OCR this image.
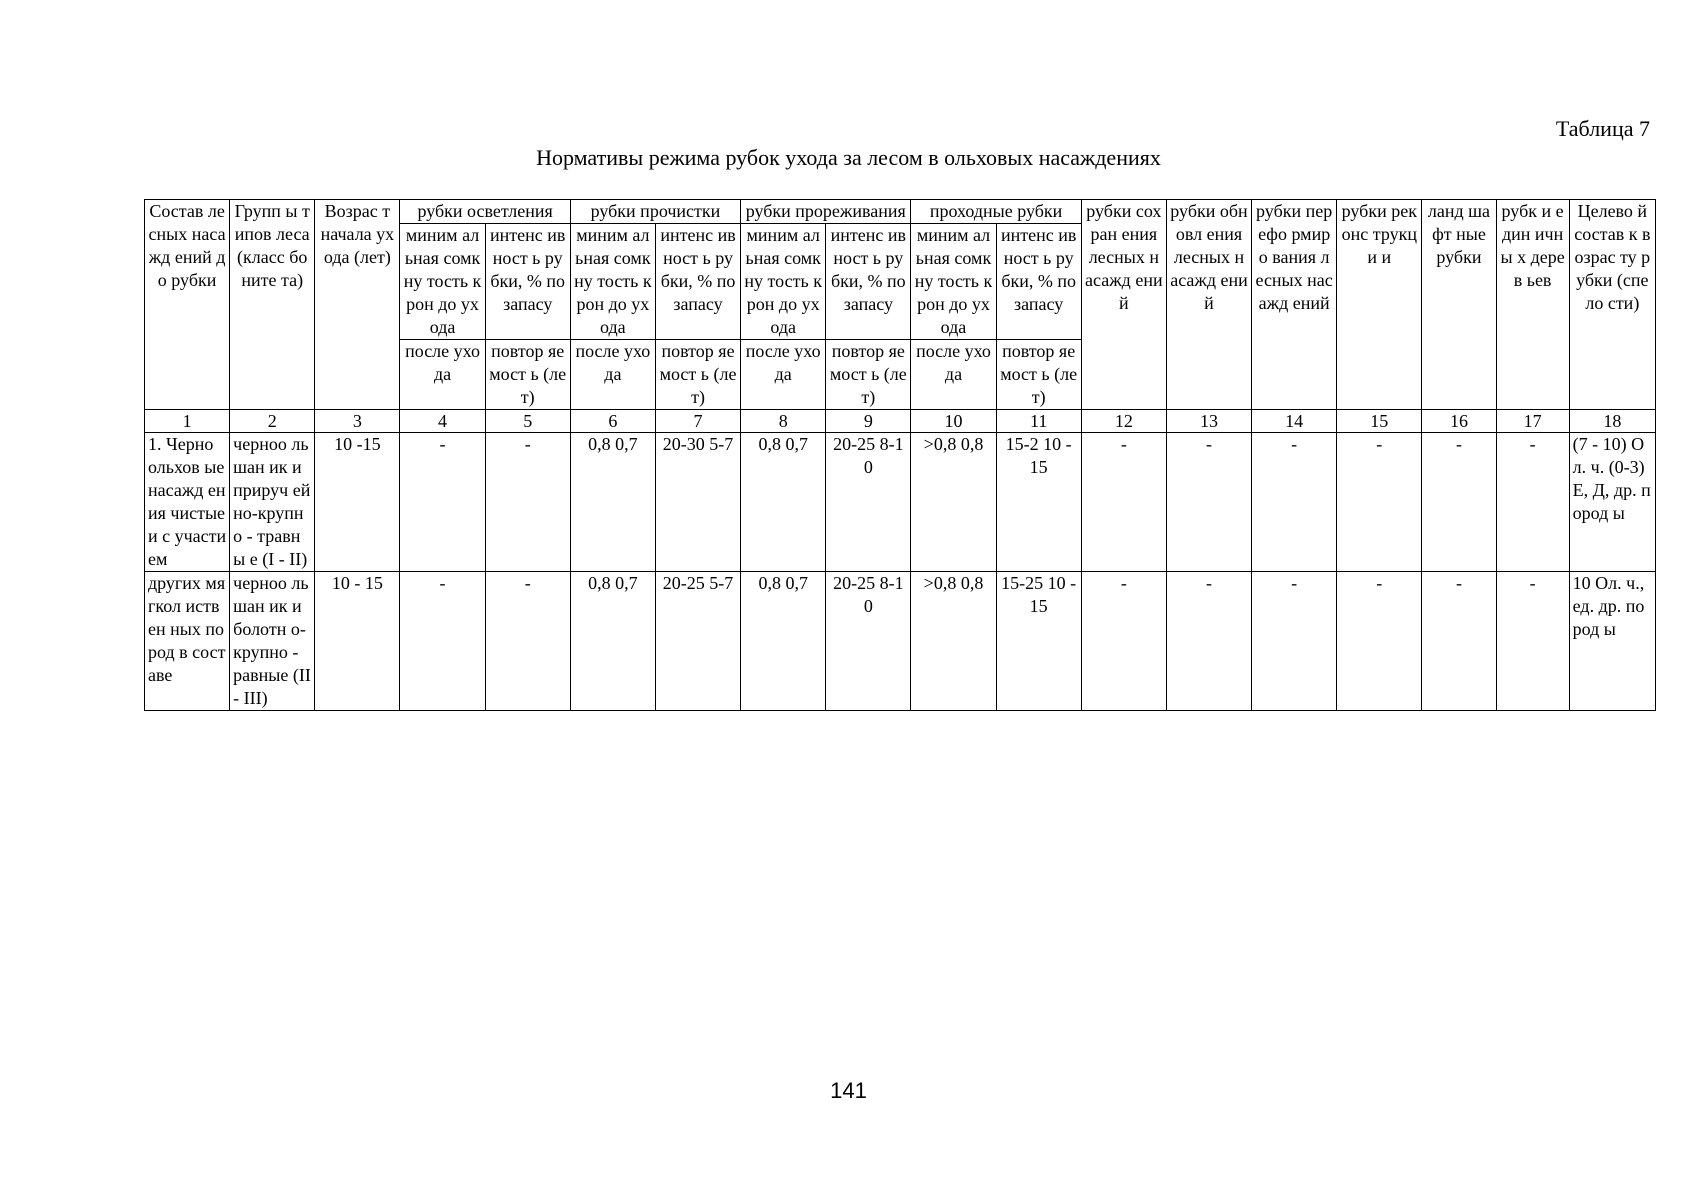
Таблица 7
Нормативы режима рубок ухода за лесом в ольховых насаждениях
Состав лесных насажд ений до рубки	Групп ы типов леса (класс боните та)	Возрас т начала ухода (лет)	рубки осветления		рубки прочистки		рубки прореживания		проходные рубки		рубки сохран ения лесных насажд ений	рубки обновл ения лесных насажд ений	рубки перефо рмиро вания лесных насажд ений	рубки реконс трукци и	ланд шафт ные рубки	рубк и един ичны х дерев ьев	Целево й состав к возрас ту рубки (спело сти)
			миним альная сомкну тость крон до ухода	интенс ивност ь рубки, % по запасу	миним альная сомкну тость крон до ухода	интенс ивност ь рубки, % по запасу	миним альная сомкну тость крон до ухода	интенс ивност ь рубки, % по запасу	миним альная сомкну тость крон до ухода	интенс ивност ь рубки, % по запасу							
			после ухода	повтор яемост ь (лет)	после ухода	повтор яемост ь (лет)	после ухода	повтор яемост ь (лет)	после ухода	повтор яемост ь (лет)							
1	2	3	4	5	6	7	8	9	10	11	12	13	14	15	16	17	18
1. Черно ольхов ые насажд ения чистые и с участи ем	черноо льшан ик и прируч ейно-крупно - травны е (I - II)	10 -15	-	-	0,8 0,7	20-30 5-7	0,8 0,7	20-25 8-10	>0,8 0,8	15-2 10 - 15	-	-	-	-	-	-	(7 - 10) Ол. ч. (0-3) Е, Д, др. пород ы
других мягкол иствен ных пород в составе	черноо льшан ик и болотн о-крупно - равные (II - III)	10 - 15	-	-	0,8 0,7	20-25 5-7	0,8 0,7	20-25 8-10	>0,8 0,8	15-25 10 - 15	-	-	-	-	-	-	10 Ол. ч., ед. др. пород ы
141
